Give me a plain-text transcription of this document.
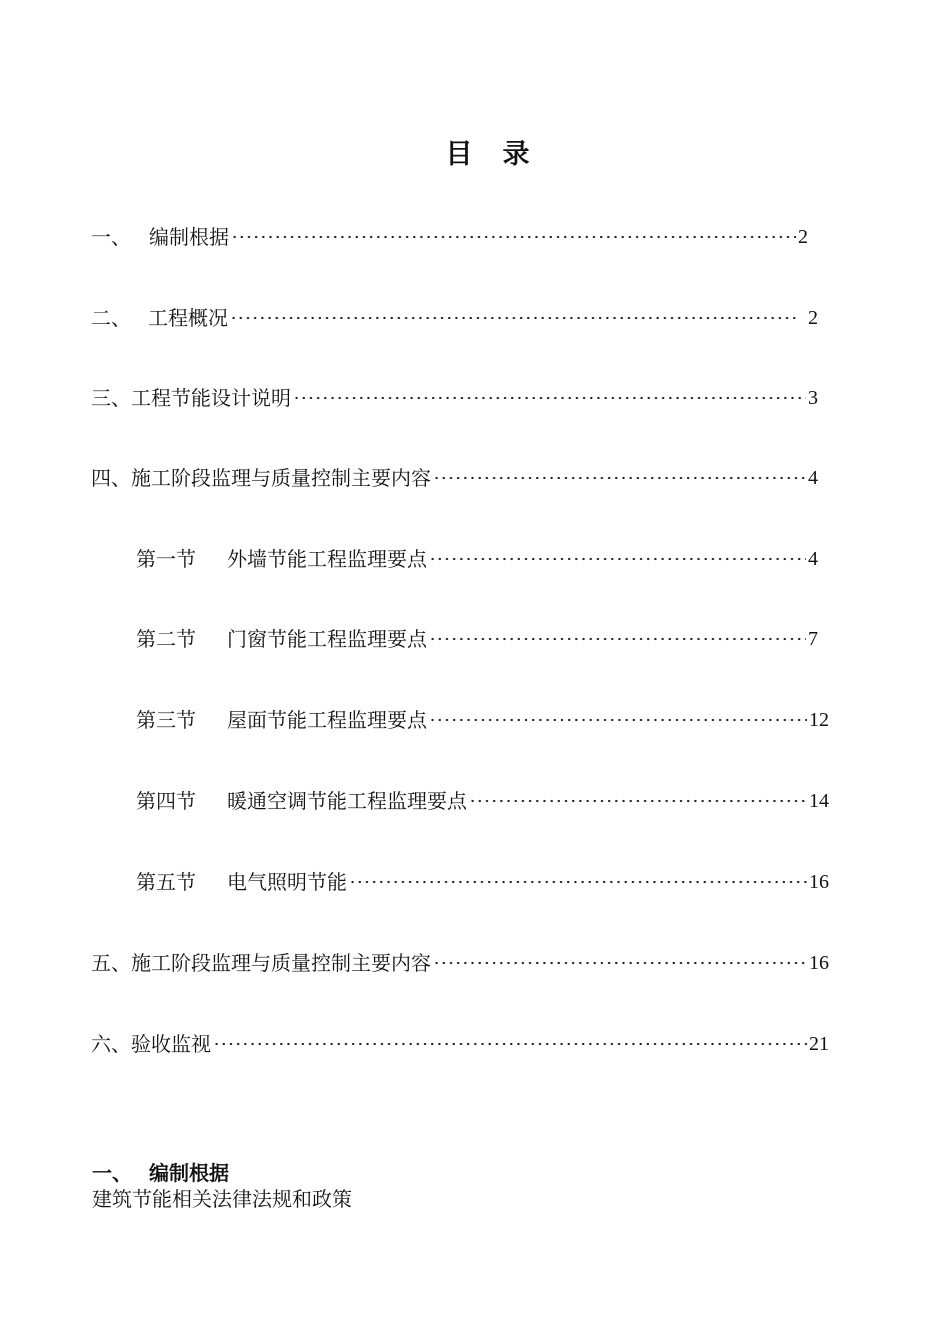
目 录
一、 编制根据	2
二、 工程概况	2
三、 工程节能设计说明	3
四、 施工阶段监理与质量控制主要内容	4
第一节	外墙节能工程监理要点	4
第二节	门窗节能工程监理要点	7
第三节	屋面节能工程监理要点	12
第四节	暖通空调节能工程监理要点	14
第五节	电气照明节能	16
五、 施工阶段监理与质量控制主要内容	16
六、 验收监视	21
一、 编制根据
建筑节能相关法律法规和政策
